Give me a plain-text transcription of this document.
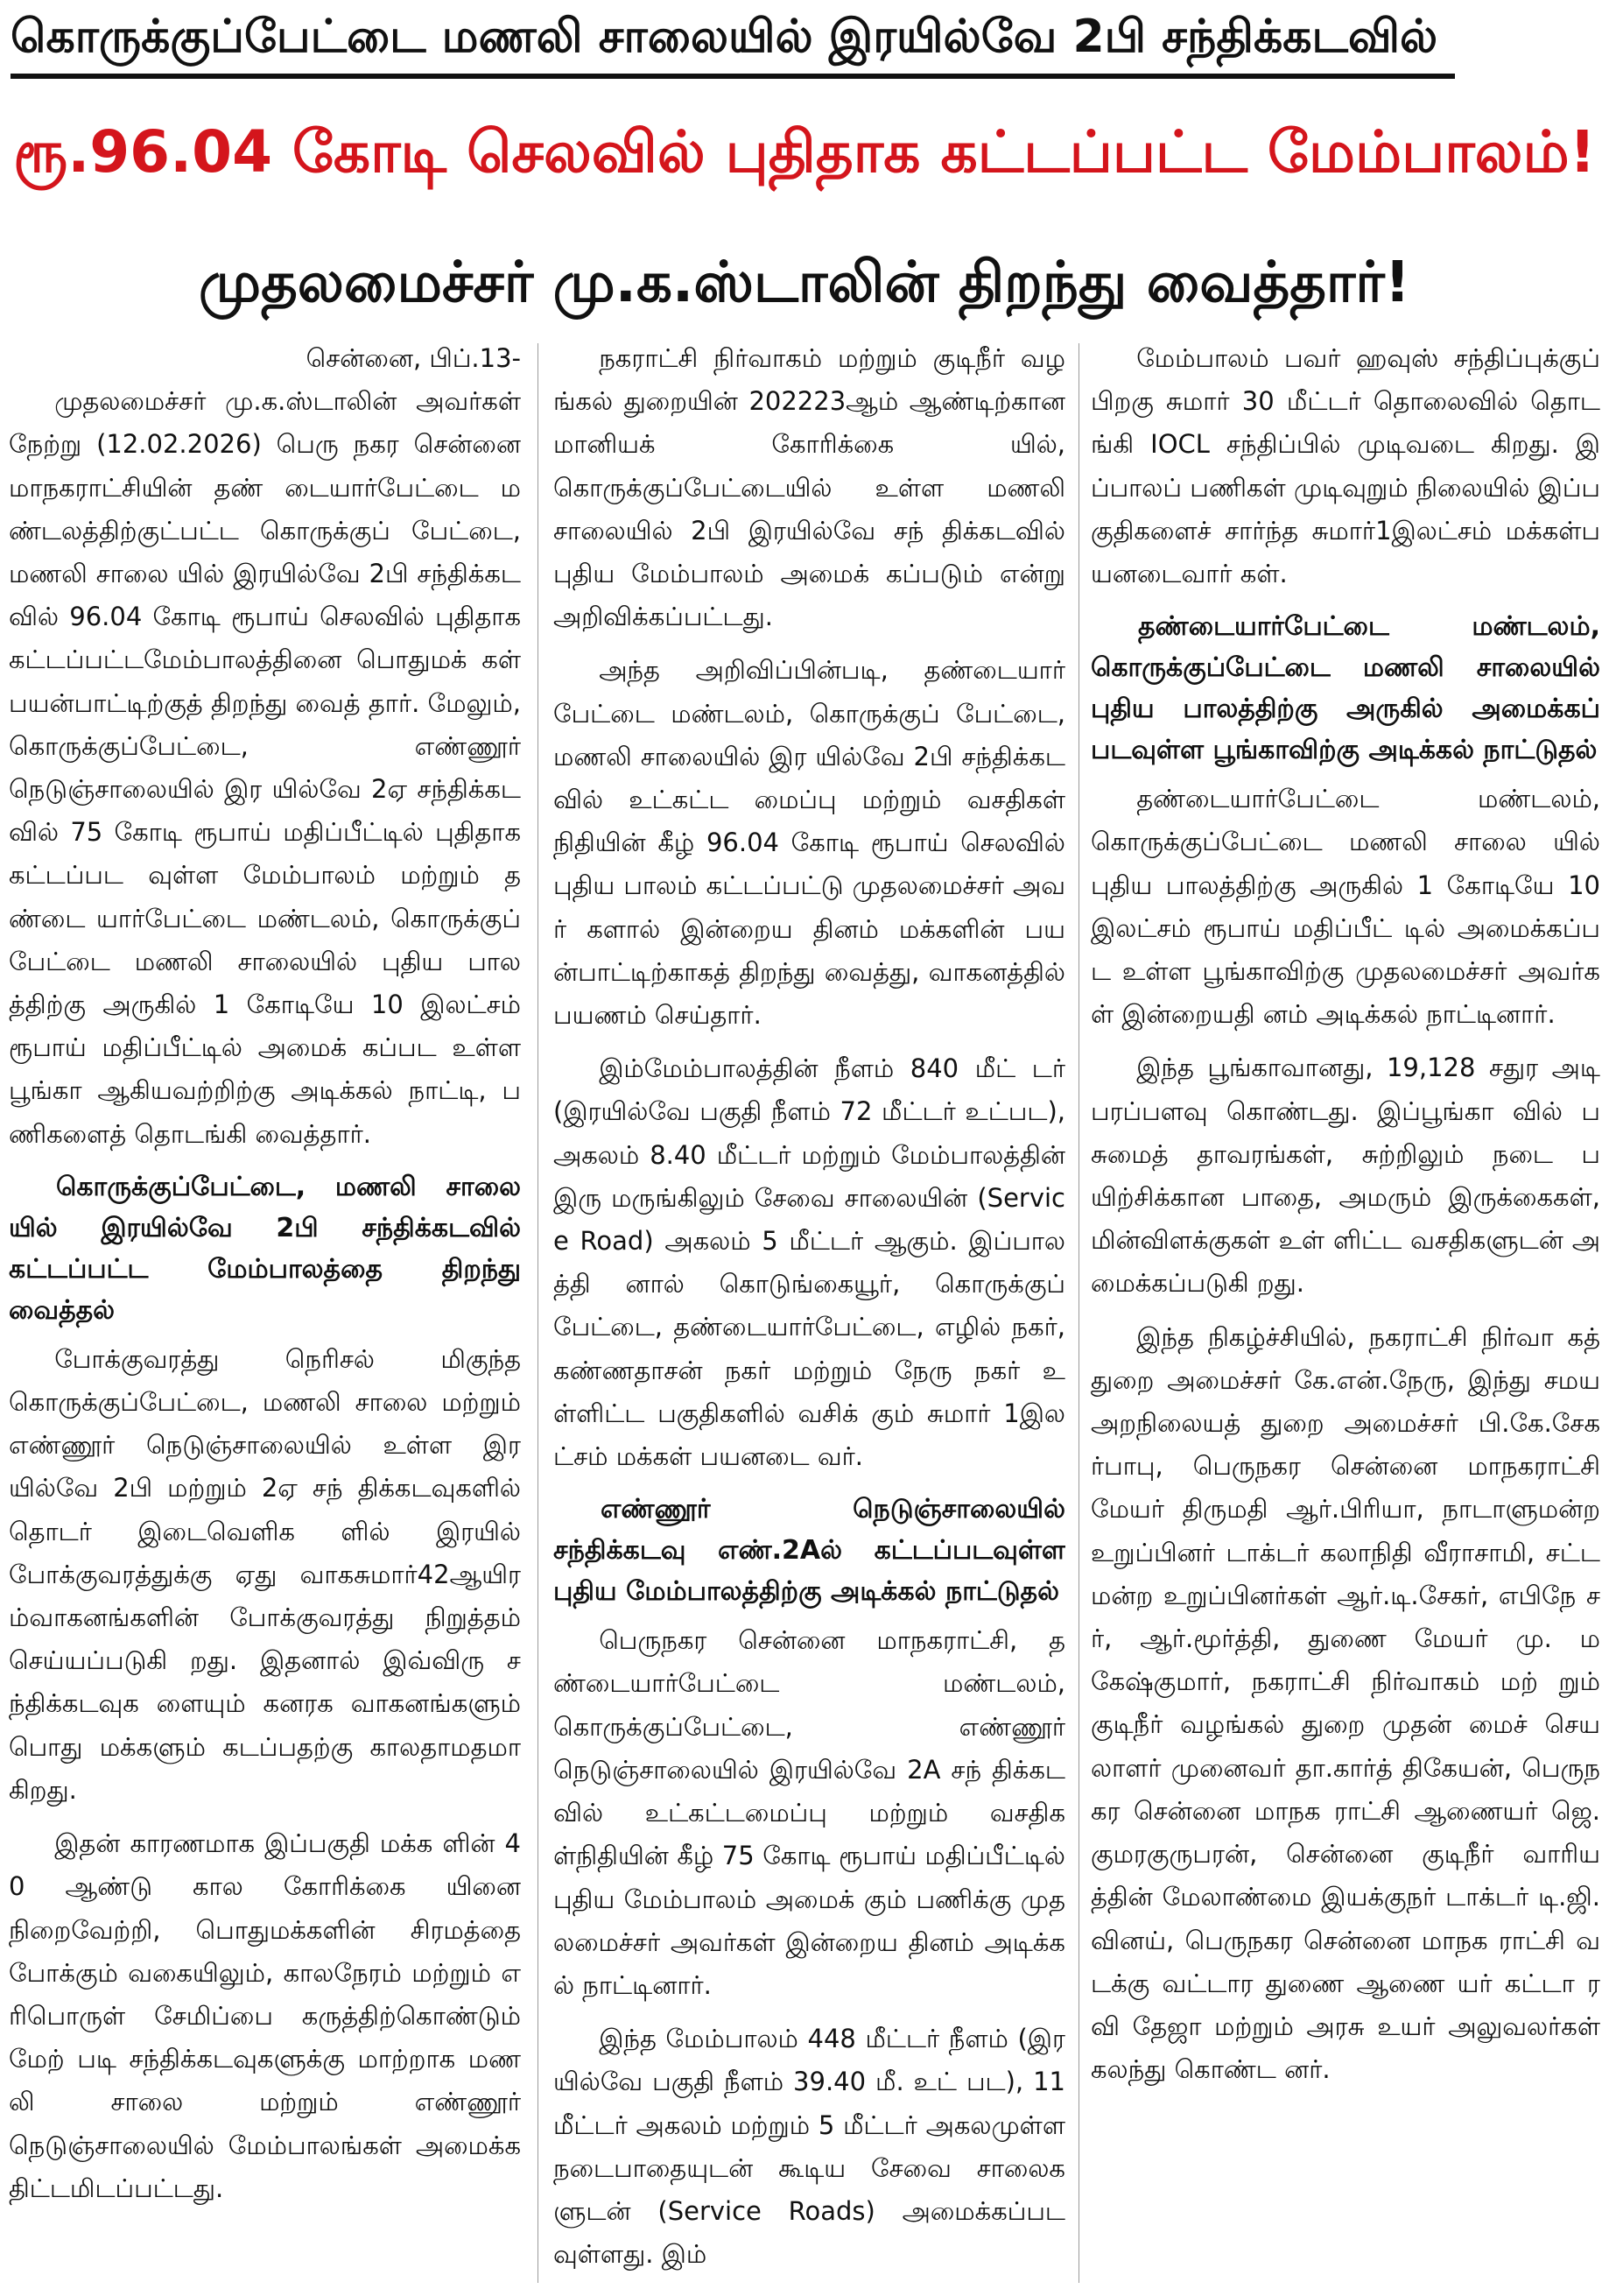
கொருக்குப்பேட்டை மணலி சாலையில் இரயில்வே 2பி சந்திக்கடவில்
ரூ.96.04 கோடி செலவில் புதிதாக கட்டப்பட்ட மேம்பாலம்!
முதலமைச்சர் மு.க.ஸ்டாலின் திறந்து வைத்தார்!

சென்னை, பிப்.13-

முதலமைச்சர் மு.க.ஸ்டாலின் அவர்கள் நேற்று (12.02.2026) பெரு நகர சென்னை மாநகராட்சியின் தண் டையார்பேட்டை மண்டலத்திற்குட்பட்ட கொருக்குப் பேட்டை, மணலி சாலை யில் இரயில்வே 2பி சந்திக்கடவில் 96.04 கோடி ரூபாய் செலவில் புதிதாக கட்டப்பட்டமேம்பாலத்தினை பொதுமக் கள் பயன்பாட்டிற்குத் திறந்து வைத் தார். மேலும், கொருக்குப்பேட்டை, எண்ணூர் நெடுஞ்சாலையில் இர யில்வே 2ஏ சந்திக்கடவில் 75 கோடி ரூபாய் மதிப்பீட்டில் புதிதாக கட்டப்பட வுள்ள மேம்பாலம் மற்றும் தண்டை யார்பேட்டை மண்டலம், கொருக்குப் பேட்டை மணலி சாலையில் புதிய பாலத்திற்கு அருகில் 1 கோடியே 10 இலட்சம் ரூபாய் மதிப்பீட்டில் அமைக் கப்பட உள்ள பூங்கா ஆகியவற்றிற்கு அடிக்கல் நாட்டி, பணிகளைத் தொடங்கி வைத்தார்.

கொருக்குப்பேட்டை, மணலி சாலை யில் இரயில்வே 2பி சந்திக்கடவில் கட்டப்பட்ட மேம்பாலத்தை திறந்து வைத்தல்

போக்குவரத்து நெரிசல் மிகுந்த கொருக்குப்பேட்டை, மணலி சாலை மற்றும் எண்ணூர் நெடுஞ்சாலையில் உள்ள இரயில்வே 2பி மற்றும் 2ஏ சந் திக்கடவுகளில் தொடர் இடைவெளிக ளில் இரயில் போக்குவரத்துக்கு ஏது வாகசுமார்42ஆயிரம்வாகனங்களின் போக்குவரத்து நிறுத்தம் செய்யப்படுகி றது. இதனால் இவ்விரு சந்திக்கடவுக ளையும் கனரக வாகனங்களும் பொது மக்களும் கடப்பதற்கு காலதாமதமா கிறது.

இதன் காரணமாக இப்பகுதி மக்க ளின் 40 ஆண்டு கால கோரிக்கை யினை நிறைவேற்றி, பொதுமக்களின் சிரமத்தை போக்கும் வகையிலும், காலநேரம் மற்றும் எரிபொருள் சேமிப்பை கருத்திற்கொண்டும் மேற் படி சந்திக்கடவுகளுக்கு மாற்றாக மணலி சாலை மற்றும் எண்ணூர் நெடுஞ்சாலையில் மேம்பாலங்கள் அமைக்க திட்டமிடப்பட்டது.

நகராட்சி நிர்வாகம் மற்றும் குடிநீர் வழங்கல் துறையின் 202223ஆம் ஆண்டிற்கான மானியக் கோரிக்கை யில், கொருக்குப்பேட்டையில் உள்ள மணலி சாலையில் 2பி இரயில்வே சந் திக்கடவில் புதிய மேம்பாலம் அமைக் கப்படும் என்று அறிவிக்கப்பட்டது.

அந்த அறிவிப்பின்படி, தண்டையார் பேட்டை மண்டலம், கொருக்குப் பேட்டை, மணலி சாலையில் இர யில்வே 2பி சந்திக்கடவில் உட்கட்ட மைப்பு மற்றும் வசதிகள் நிதியின் கீழ் 96.04 கோடி ரூபாய் செலவில் புதிய பாலம் கட்டப்பட்டு முதலமைச்சர் அவர் களால் இன்றைய தினம் மக்களின் பயன்பாட்டிற்காகத் திறந்து வைத்து, வாகனத்தில் பயணம் செய்தார்.

இம்மேம்பாலத்தின் நீளம் 840 மீட் டர் (இரயில்வே பகுதி நீளம் 72 மீட்டர் உட்பட), அகலம் 8.40 மீட்டர் மற்றும் மேம்பாலத்தின் இரு மருங்கிலும் சேவை சாலையின் (Service Road) அகலம் 5 மீட்டர் ஆகும். இப்பாலத்தி னால் கொடுங்கையூர், கொருக்குப் பேட்டை, தண்டையார்பேட்டை, எழில் நகர், கண்ணதாசன் நகர் மற்றும் நேரு நகர் உள்ளிட்ட பகுதிகளில் வசிக் கும் சுமார் 1இலட்சம் மக்கள் பயனடை வர்.

எண்ணூர் நெடுஞ்சாலையில் சந்திக்கடவு எண்.2Aல் கட்டப்படவுள்ள புதிய மேம்பாலத்திற்கு அடிக்கல் நாட்டுதல்

பெருநகர சென்னை மாநகராட்சி, தண்டையார்பேட்டை மண்டலம், கொருக்குப்பேட்டை, எண்ணூர் நெடுஞ்சாலையில் இரயில்வே 2A சந் திக்கடவில் உட்கட்டமைப்பு மற்றும் வசதிகள்நிதியின் கீழ் 75 கோடி ரூபாய் மதிப்பீட்டில் புதிய மேம்பாலம் அமைக் கும் பணிக்கு முதலமைச்சர் அவர்கள் இன்றைய தினம் அடிக்கல் நாட்டினார்.

இந்த மேம்பாலம் 448 மீட்டர் நீளம் (இரயில்வே பகுதி நீளம் 39.40 மீ. உட் பட), 11 மீட்டர் அகலம் மற்றும் 5 மீட்டர் அகலமுள்ள நடைபாதையுடன் கூடிய சேவை சாலைகளுடன் (Service Roads) அமைக்கப்படவுள்ளது. இம்

மேம்பாலம் பவர் ஹவுஸ் சந்திப்புக்குப் பிறகு சுமார் 30 மீட்டர் தொலைவில் தொடங்கி IOCL சந்திப்பில் முடிவடை கிறது. இப்பாலப் பணிகள் முடிவுறும் நிலையில் இப்பகுதிகளைச் சார்ந்த சுமார்1இலட்சம் மக்கள்பயனடைவார் கள்.

தண்டையார்பேட்டை மண்டலம், கொருக்குப்பேட்டை மணலி சாலையில் புதிய பாலத்திற்கு அருகில் அமைக்கப் படவுள்ள பூங்காவிற்கு அடிக்கல் நாட்டுதல்

தண்டையார்பேட்டை மண்டலம், கொருக்குப்பேட்டை மணலி சாலை யில் புதிய பாலத்திற்கு அருகில் 1 கோடியே 10 இலட்சம் ரூபாய் மதிப்பீட் டில் அமைக்கப்பட உள்ள பூங்காவிற்கு முதலமைச்சர் அவர்கள் இன்றையதி னம் அடிக்கல் நாட்டினார்.

இந்த பூங்காவானது, 19,128 சதுர அடி பரப்பளவு கொண்டது. இப்பூங்கா வில் பசுமைத் தாவரங்கள், சுற்றிலும் நடை பயிற்சிக்கான பாதை, அமரும் இருக்கைகள், மின்விளக்குகள் உள் ளிட்ட வசதிகளுடன் அமைக்கப்படுகி றது.

இந்த நிகழ்ச்சியில், நகராட்சி நிர்வா கத் துறை அமைச்சர் கே.என்.நேரு, இந்து சமய அறநிலையத் துறை அமைச்சர் பி.கே.சேகர்பாபு, பெருநகர சென்னை மாநகராட்சி மேயர் திருமதி ஆர்.பிரியா, நாடாளுமன்ற உறுப்பினர் டாக்டர் கலாநிதி வீராசாமி, சட்டமன்ற உறுப்பினர்கள் ஆர்.டி.சேகர், எபிநே சர், ஆர்.மூர்த்தி, துணை மேயர் மு. மகேஷ்குமார், நகராட்சி நிர்வாகம் மற் றும் குடிநீர் வழங்கல் துறை முதன் மைச் செயலாளர் முனைவர் தா.கார்த் திகேயன், பெருநகர சென்னை மாநக ராட்சி ஆணையர் ஜெ.குமரகுருபரன், சென்னை குடிநீர் வாரியத்தின் மேலாண்மை இயக்குநர் டாக்டர் டி.ஜி. வினய், பெருநகர சென்னை மாநக ராட்சி வடக்கு வட்டார துணை ஆணை யர் கட்டா ரவி தேஜா மற்றும் அரசு உயர் அலுவலர்கள் கலந்து கொண்ட னர்.
